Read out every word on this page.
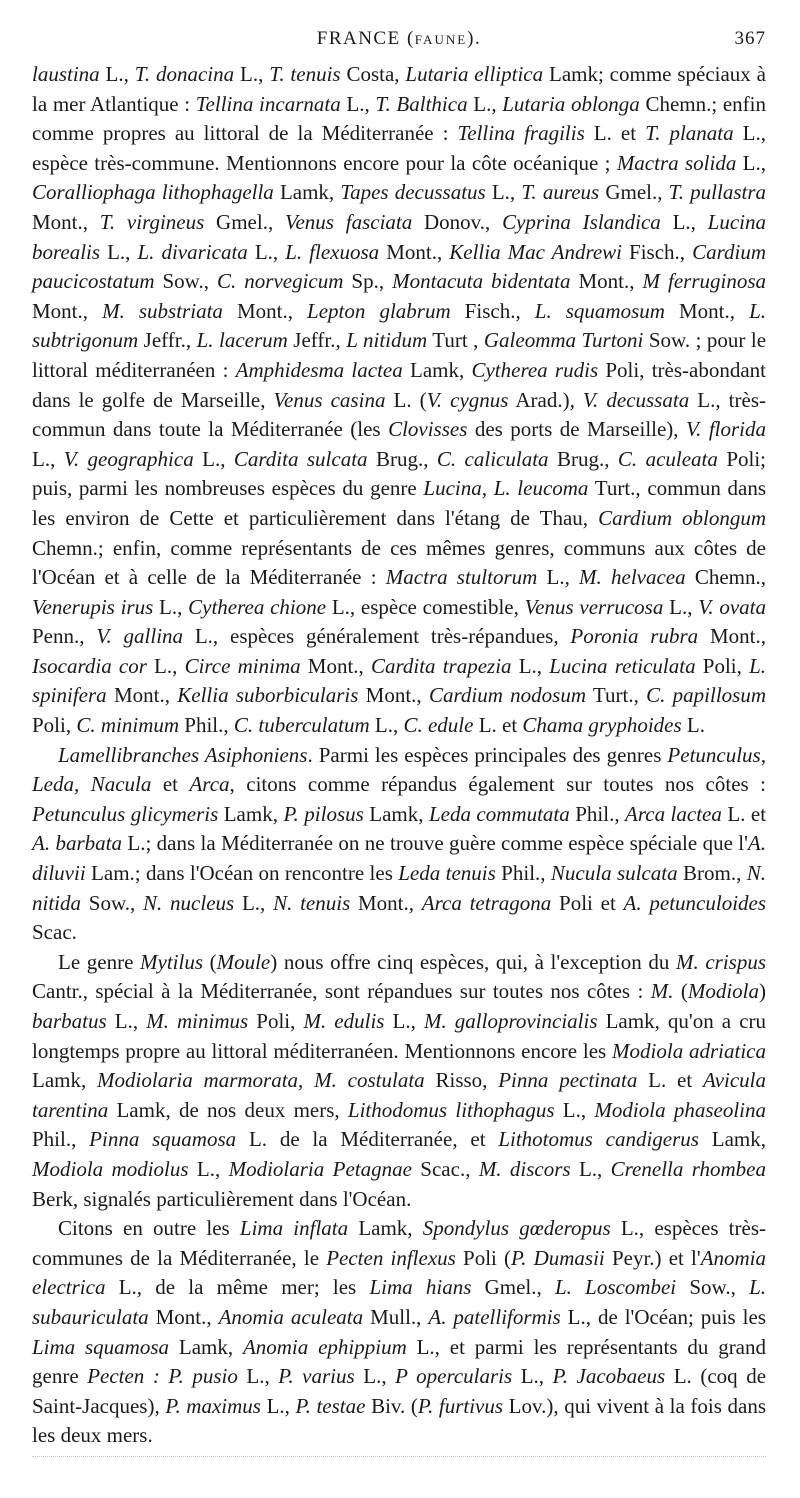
FRANCE (FAUNE).	367

laustina L., T. donacina L., T. tenuis Costa, Lutaria elliptica Lamk; comme spéciaux à la mer Atlantique : Tellina incarnata L., T. Balthica L., Lutaria oblonga Chemn.; enfin comme propres au littoral de la Méditerranée : Tellina fragilis L. et T. planata L., espèce très-commune. Mentionnons encore pour la côte océanique ; Mactra solida L., Coralliophaga lithophagella Lamk, Tapes decussatus L., T. aureus Gmel., T. pullastra Mont., T. virgineus Gmel., Venus fasciata Donov., Cyprina Islandica L., Lucina borealis L., L. divaricata L., L. flexuosa Mont., Kellia Mac Andrewi Fisch., Cardium paucicostatum Sow., C. norvegicum Sp., Montacuta bidentata Mont., M ferruginosa Mont., M. substriata Mont., Lepton glabrum Fisch., L. squamosum Mont., L. subtrigonum Jeffr., L. lacerum Jeffr., L nitidum Turt , Galeomma Turtoni Sow. ; pour le littoral méditerranéen : Amphidesma lactea Lamk, Cytherea rudis Poli, très-abondant dans le golfe de Marseille, Venus casina L. (V. cygnus Arad.), V. decussata L., très-commun dans toute la Méditerranée (les Clovisses des ports de Marseille), V. florida L., V. geographica L., Cardita sulcata Brug., C. caliculata Brug., C. aculeata Poli; puis, parmi les nombreuses espèces du genre Lucina, L. leucoma Turt., commun dans les environ de Cette et particulièrement dans l'étang de Thau, Cardium oblongum Chemn.; enfin, comme représentants de ces mêmes genres, communs aux côtes de l'Océan et à celle de la Méditerranée : Mactra stultorum L., M. helvacea Chemn., Venerupis irus L., Cytherea chione L., espèce comestible, Venus verrucosa L., V. ovata Penn., V. gallina L., espèces généralement très-répandues, Poronia rubra Mont., Isocardia cor L., Circe minima Mont., Cardita trapezia L., Lucina reticulata Poli, L. spinifera Mont., Kellia suborbicularis Mont., Cardium nodosum Turt., C. papillosum Poli, C. minimum Phil., C. tuberculatum L., C. edule L. et Chama gryphoides L.

Lamellibranches Asiphoniens. Parmi les espèces principales des genres Petunculus, Leda, Nacula et Arca, citons comme répandus également sur toutes nos côtes : Petunculus glicymeris Lamk, P. pilosus Lamk, Leda commutata Phil., Arca lactea L. et A. barbata L.; dans la Méditerranée on ne trouve guère comme espèce spéciale que l'A. diluvii Lam.; dans l'Océan on rencontre les Leda tenuis Phil., Nucula sulcata Brom., N. nitida Sow., N. nucleus L., N. tenuis Mont., Arca tetragona Poli et A. petunculoides Scac.

Le genre Mytilus (Moule) nous offre cinq espèces, qui, à l'exception du M. crispus Cantr., spécial à la Méditerranée, sont répandues sur toutes nos côtes : M. (Modiola) barbatus L., M. minimus Poli, M. edulis L., M. galloprovincialis Lamk, qu'on a cru longtemps propre au littoral méditerranéen. Mentionnons encore les Modiola adriatica Lamk, Modiolaria marmorata, M. costulata Risso, Pinna pectinata L. et Avicula tarentina Lamk, de nos deux mers, Lithodomus lithophagus L., Modiola phaseolina Phil., Pinna squamosa L. de la Méditerranée, et Lithotomus candigerus Lamk, Modiola modiolus L., Modiolaria Petagnae Scac., M. discors L., Crenella rhombea Berk, signalés particulièrement dans l'Océan.

Citons en outre les Lima inflata Lamk, Spondylus gœderopus L., espèces très-communes de la Méditerranée, le Pecten inflexus Poli (P. Dumasii Peyr.) et l'Anomia electrica L., de la même mer; les Lima hians Gmel., L. Loscombei Sow., L. subauriculata Mont., Anomia aculeata Mull., A. patelliformis L., de l'Océan; puis les Lima squamosa Lamk, Anomia ephippium L., et parmi les représentants du grand genre Pecten : P. pusio L., P. varius L., P opercularis L., P. Jacobaeus L. (coq de Saint-Jacques), P. maximus L., P. testae Biv. (P. furtivus Lov.), qui vivent à la fois dans les deux mers.
